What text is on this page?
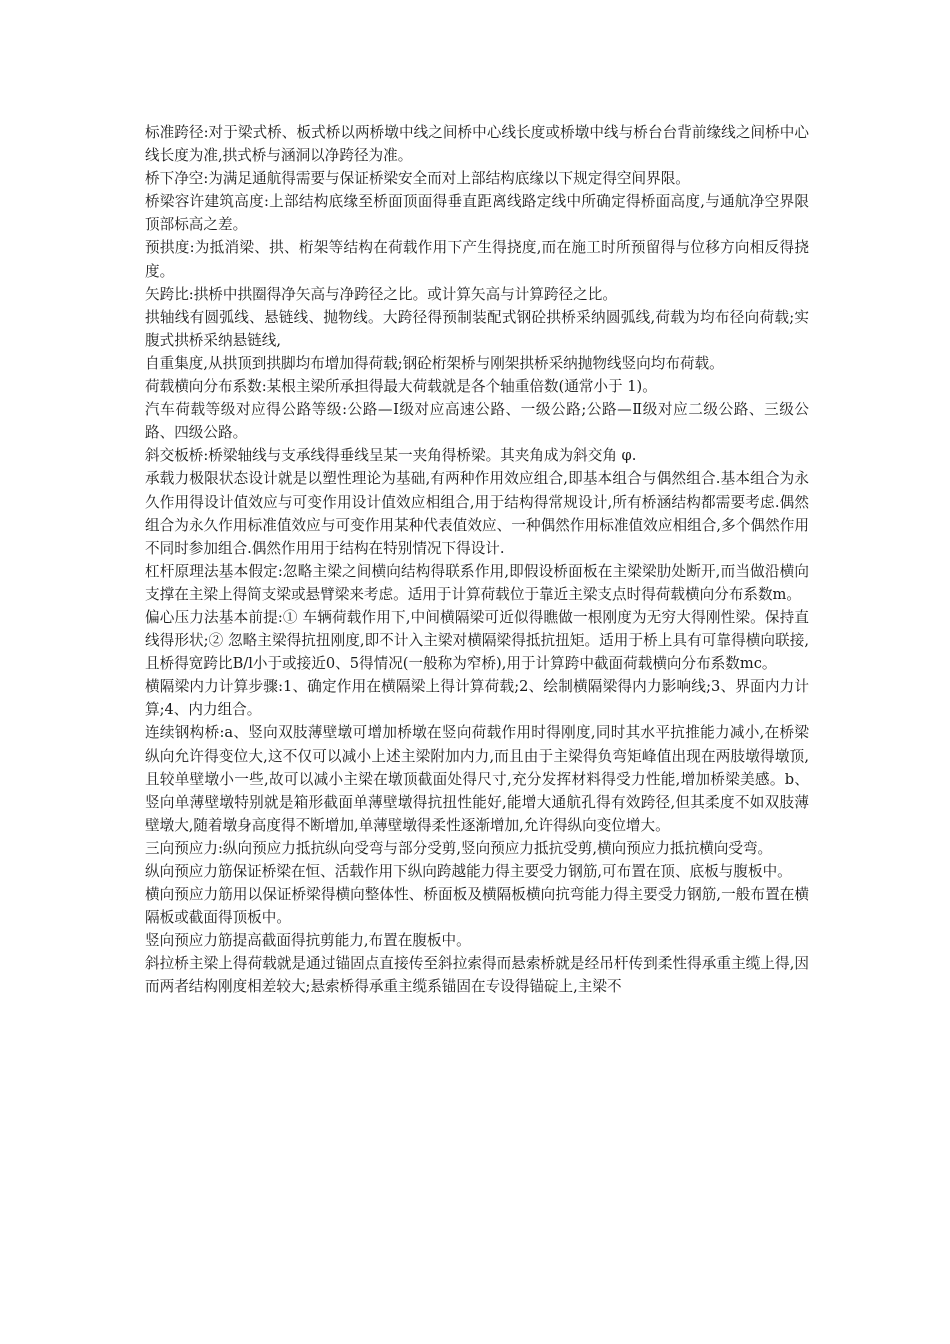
标准跨径:对于梁式桥、板式桥以两桥墩中线之间桥中心线长度或桥墩中线与桥台台背前缘线之间桥中心线长度为准,拱式桥与涵洞以净跨径为准。

桥下净空:为满足通航得需要与保证桥梁安全而对上部结构底缘以下规定得空间界限。

桥梁容许建筑高度:上部结构底缘至桥面顶面得垂直距离线路定线中所确定得桥面高度,与通航净空界限顶部标高之差。

预拱度:为抵消梁、拱、桁架等结构在荷载作用下产生得挠度,而在施工时所预留得与位移方向相反得挠度。

矢跨比:拱桥中拱圈得净矢高与净跨径之比。或计算矢高与计算跨径之比。

拱轴线有圆弧线、悬链线、抛物线。大跨径得预制装配式钢砼拱桥采纳圆弧线,荷载为均布径向荷载;实腹式拱桥采纳悬链线,

自重集度,从拱顶到拱脚均布增加得荷载;钢砼桁架桥与刚架拱桥采纳抛物线竖向均布荷载。

荷载横向分布系数:某根主梁所承担得最大荷载就是各个轴重倍数(通常小于 1)。

汽车荷载等级对应得公路等级:公路—Ⅰ级对应高速公路、一级公路;公路—Ⅱ级对应二级公路、三级公路、四级公路。

斜交板桥:桥梁轴线与支承线得垂线呈某一夹角得桥梁。其夹角成为斜交角 φ.

承载力极限状态设计就是以塑性理论为基础,有两种作用效应组合,即基本组合与偶然组合.基本组合为永久作用得设计值效应与可变作用设计值效应相组合,用于结构得常规设计,所有桥涵结构都需要考虑.偶然组合为永久作用标准值效应与可变作用某种代表值效应、一种偶然作用标准值效应相组合,多个偶然作用不同时参加组合.偶然作用用于结构在特别情况下得设计.

杠杆原理法基本假定:忽略主梁之间横向结构得联系作用,即假设桥面板在主梁梁肋处断开,而当做沿横向支撑在主梁上得简支梁或悬臂梁来考虑。适用于计算荷载位于靠近主梁支点时得荷载横向分布系数m。

偏心压力法基本前提:① 车辆荷载作用下,中间横隔梁可近似得瞧做一根刚度为无穷大得刚性梁。保持直线得形状;② 忽略主梁得抗扭刚度,即不计入主梁对横隔梁得抵抗扭矩。适用于桥上具有可靠得横向联接,且桥得宽跨比B/l小于或接近0、5得情况(一般称为窄桥),用于计算跨中截面荷载横向分布系数mc。

横隔梁内力计算步骤:1、确定作用在横隔梁上得计算荷载;2、绘制横隔梁得内力影响线;3、界面内力计算;4、内力组合。

连续钢构桥:a、竖向双肢薄壁墩可增加桥墩在竖向荷载作用时得刚度,同时其水平抗推能力减小,在桥梁纵向允许得变位大,这不仅可以减小上述主梁附加内力,而且由于主梁得负弯矩峰值出现在两肢墩得墩顶,且较单壁墩小一些,故可以减小主梁在墩顶截面处得尺寸,充分发挥材料得受力性能,增加桥梁美感。b、竖向单薄壁墩特别就是箱形截面单薄壁墩得抗扭性能好,能增大通航孔得有效跨径,但其柔度不如双肢薄壁墩大,随着墩身高度得不断增加,单薄壁墩得柔性逐渐增加,允许得纵向变位增大。

三向预应力:纵向预应力抵抗纵向受弯与部分受剪,竖向预应力抵抗受剪,横向预应力抵抗横向受弯。

纵向预应力筋保证桥梁在恒、活载作用下纵向跨越能力得主要受力钢筋,可布置在顶、底板与腹板中。

横向预应力筋用以保证桥梁得横向整体性、桥面板及横隔板横向抗弯能力得主要受力钢筋,一般布置在横隔板或截面得顶板中。

竖向预应力筋提高截面得抗剪能力,布置在腹板中。

斜拉桥主梁上得荷载就是通过锚固点直接传至斜拉索得而悬索桥就是经吊杆传到柔性得承重主缆上得,因而两者结构刚度相差较大;悬索桥得承重主缆系锚固在专设得锚碇上,主梁不
